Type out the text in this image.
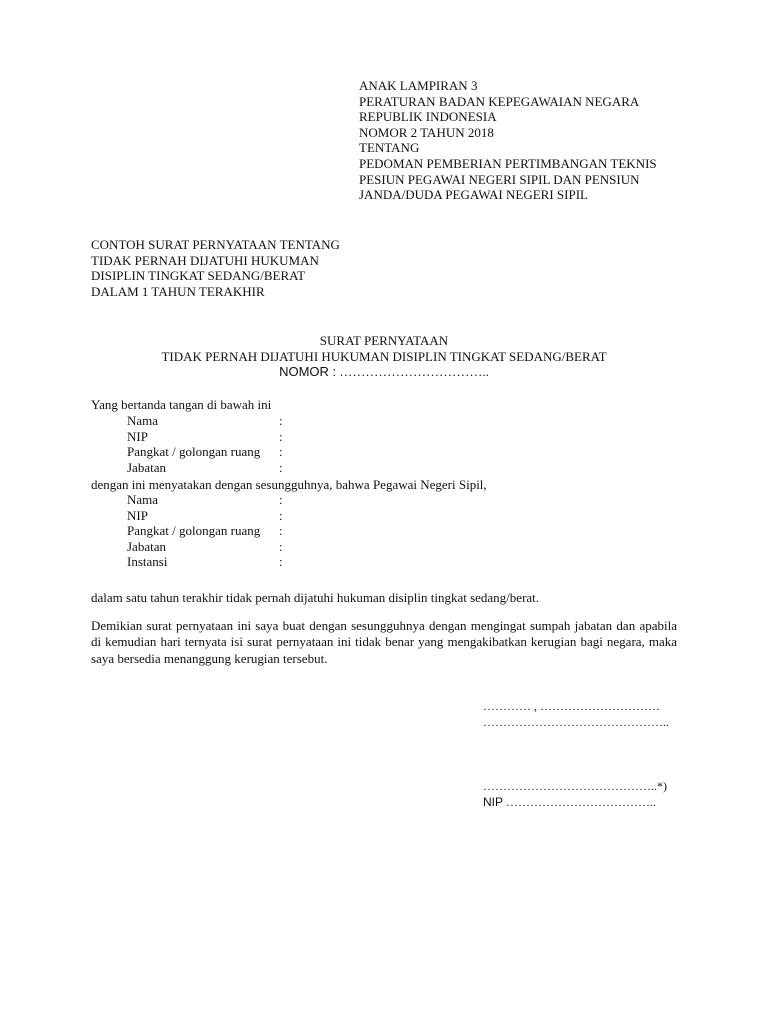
ANAK LAMPIRAN 3
PERATURAN BADAN KEPEGAWAIAN NEGARA
REPUBLIK INDONESIA
NOMOR 2 TAHUN 2018
TENTANG
PEDOMAN PEMBERIAN PERTIMBANGAN TEKNIS
PESIUN PEGAWAI NEGERI SIPIL DAN PENSIUN
JANDA/DUDA PEGAWAI NEGERI SIPIL
CONTOH SURAT PERNYATAAN TENTANG
TIDAK PERNAH DIJATUHI HUKUMAN
DISIPLIN TINGKAT SEDANG/BERAT
DALAM 1 TAHUN TERAKHIR
SURAT PERNYATAAN
TIDAK PERNAH DIJATUHI HUKUMAN DISIPLIN TINGKAT SEDANG/BERAT
NOMOR : ……………………………..
Yang bertanda tangan di bawah ini
Nama	:
NIP	:
Pangkat / golongan ruang	:
Jabatan	:
dengan ini menyatakan dengan sesungguhnya, bahwa Pegawai Negeri Sipil,
Nama	:
NIP	:
Pangkat / golongan ruang	:
Jabatan	:
Instansi	:
dalam satu tahun terakhir tidak pernah dijatuhi hukuman disiplin tingkat sedang/berat.

Demikian surat pernyataan ini saya buat dengan sesungguhnya dengan mengingat sumpah jabatan dan apabila di kemudian hari ternyata isi surat pernyataan ini tidak benar yang mengakibatkan kerugian bagi negara, maka saya bersedia menanggung kerugian tersebut.

………… , …………………………
………………………………………..
……………………………………..*)
NIP ………………………………..
